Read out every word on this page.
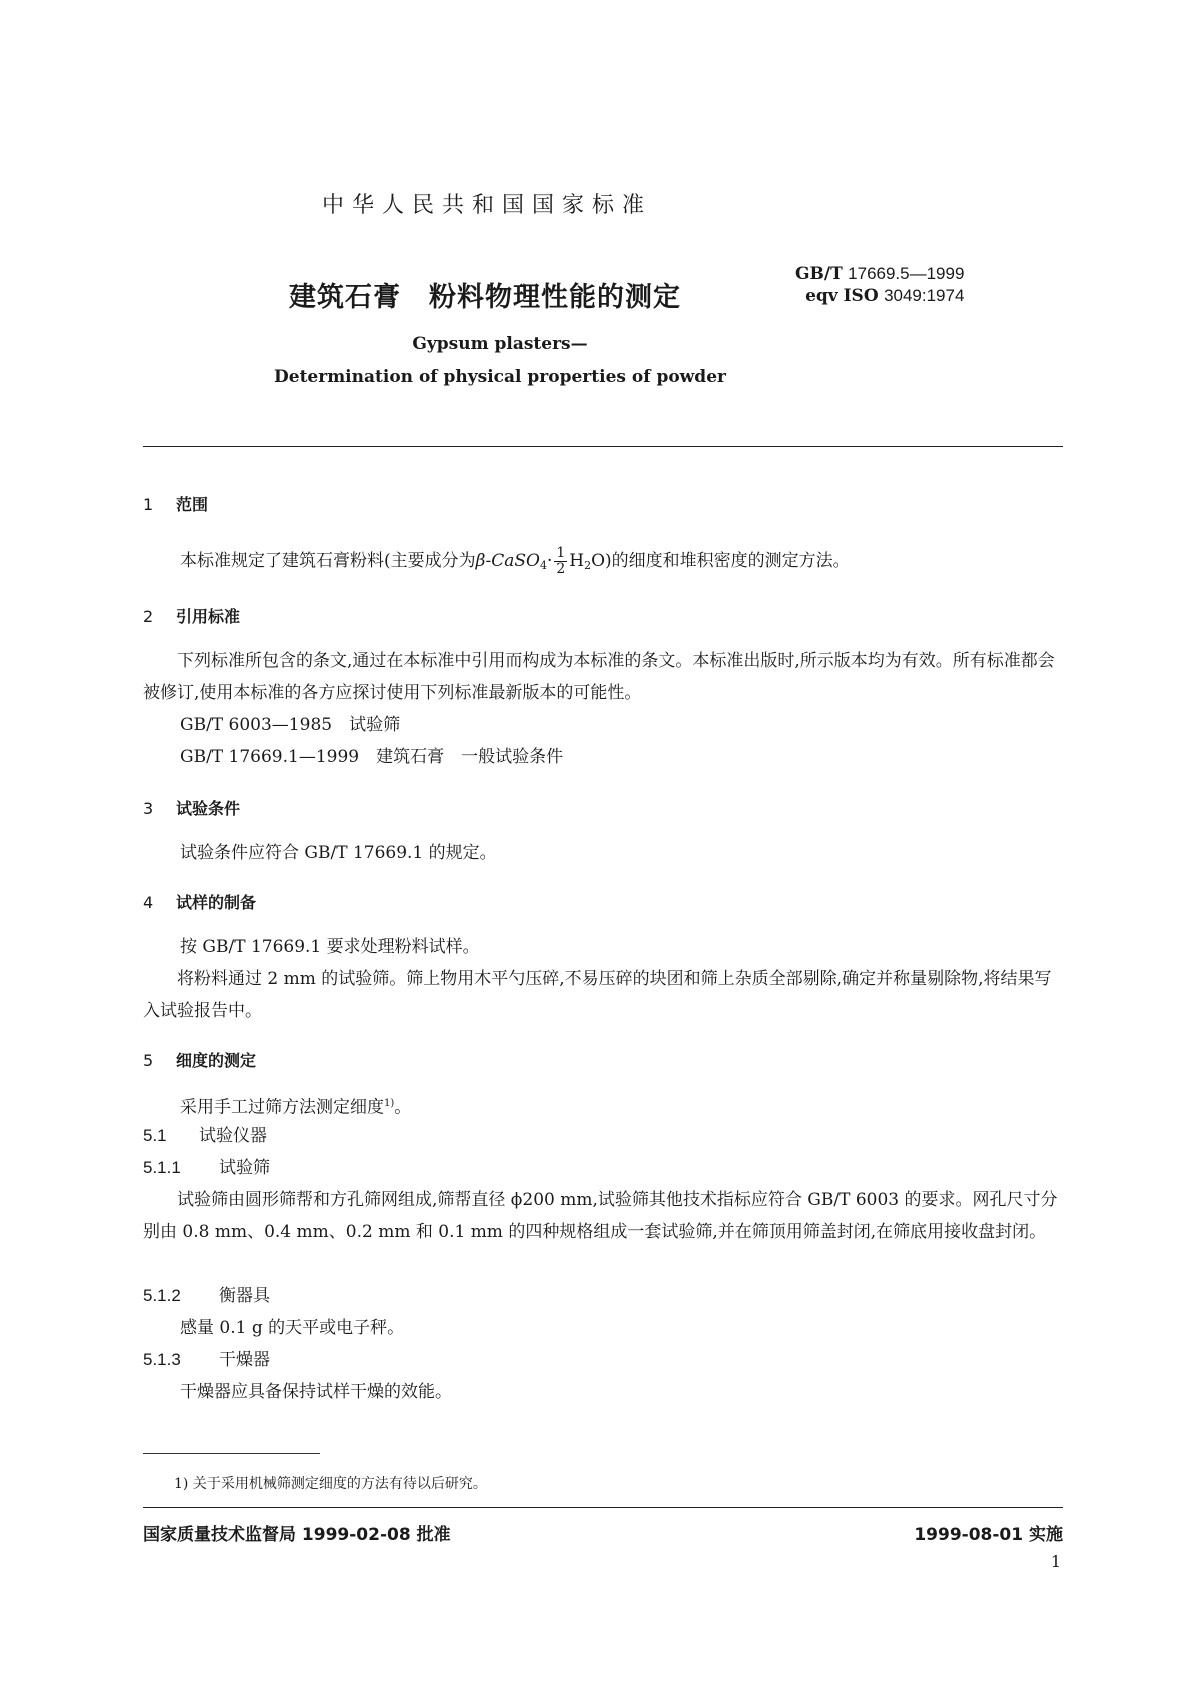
中华人民共和国国家标准
建筑石膏　粉料物理性能的测定
GB/T 17669.5—1999
eqv ISO 3049:1974
Gypsum plasters—
Determination of physical properties of powder
1 范围
本标准规定了建筑石膏粉料(主要成分为β-CaSO4· $\frac{1}{2} H2O$)的细度和堆积密度的测定方法。
2 引用标准
下列标准所包含的条文,通过在本标准中引用而构成为本标准的条文。本标准出版时,所示版本均为有效。所有标准都会被修订,使用本标准的各方应探讨使用下列标准最新版本的可能性。
GB/T 6003—1985　试验筛
GB/T 17669.1—1999　建筑石膏　一般试验条件
3 试验条件
试验条件应符合 GB/T 17669.1 的规定。
4 试样的制备
按 GB/T 17669.1 要求处理粉料试样。
将粉料通过 2 mm 的试验筛。筛上物用木平勺压碎,不易压碎的块团和筛上杂质全部剔除,确定并称量剔除物,将结果写入试验报告中。
5 细度的测定
采用手工过筛方法测定细度$^{1)}$。
5.1 试验仪器
5.1.1 试验筛
试验筛由圆形筛帮和方孔筛网组成,筛帮直径 ϕ200 mm,试验筛其他技术指标应符合 GB/T 6003 的要求。网孔尺寸分别由 0.8 mm、0.4 mm、0.2 mm 和 0.1 mm 的四种规格组成一套试验筛,并在筛顶用筛盖封闭,在筛底用接收盘封闭。
5.1.2 衡器具
感量 0.1 g 的天平或电子秤。
5.1.3 干燥器
干燥器应具备保持试样干燥的效能。
1) 关于采用机械筛测定细度的方法有待以后研究。
国家质量技术监督局 1999-02-08 批准	1999-08-01 实施
1
